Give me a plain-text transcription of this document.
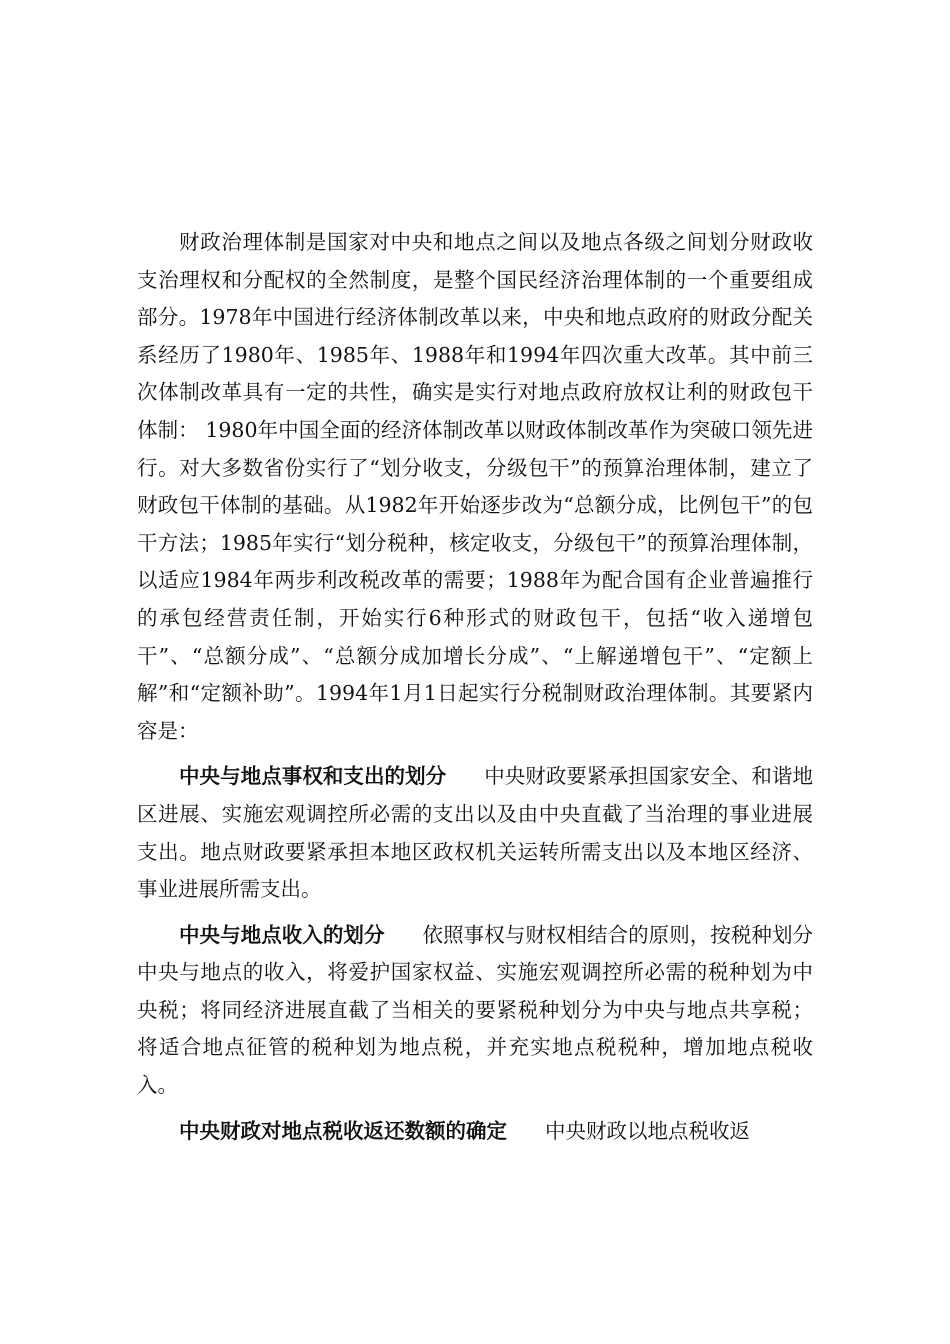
财政治理体制是国家对中央和地点之间以及地点各级之间划分财政收支治理权和分配权的全然制度，是整个国民经济治理体制的一个重要组成部分。1978年中国进行经济体制改革以来，中央和地点政府的财政分配关系经历了1980年、1985年、1988年和1994年四次重大改革。其中前三次体制改革具有一定的共性，确实是实行对地点政府放权让利的财政包干体制： 1980年中国全面的经济体制改革以财政体制改革作为突破口领先进行。对大多数省份实行了“划分收支，分级包干”的预算治理体制，建立了财政包干体制的基础。从1982年开始逐步改为“总额分成，比例包干”的包干方法；1985年实行“划分税种，核定收支，分级包干”的预算治理体制，以适应1984年两步利改税改革的需要；1988年为配合国有企业普遍推行的承包经营责任制，开始实行6种形式的财政包干，包括“收入递增包干”、“总额分成”、“总额分成加增长分成”、“上解递增包干”、“定额上解”和“定额补助”。1994年1月1日起实行分税制财政治理体制。其要紧内容是：

中央与地点事权和支出的划分 中央财政要紧承担国家安全、和谐地区进展、实施宏观调控所必需的支出以及由中央直截了当治理的事业进展支出。地点财政要紧承担本地区政权机关运转所需支出以及本地区经济、事业进展所需支出。

中央与地点收入的划分 依照事权与财权相结合的原则，按税种划分中央与地点的收入，将爱护国家权益、实施宏观调控所必需的税种划为中央税；将同经济进展直截了当相关的要紧税种划分为中央与地点共享税；将适合地点征管的税种划为地点税，并充实地点税税种，增加地点税收入。

中央财政对地点税收返还数额的确定 中央财政以地点税收返
